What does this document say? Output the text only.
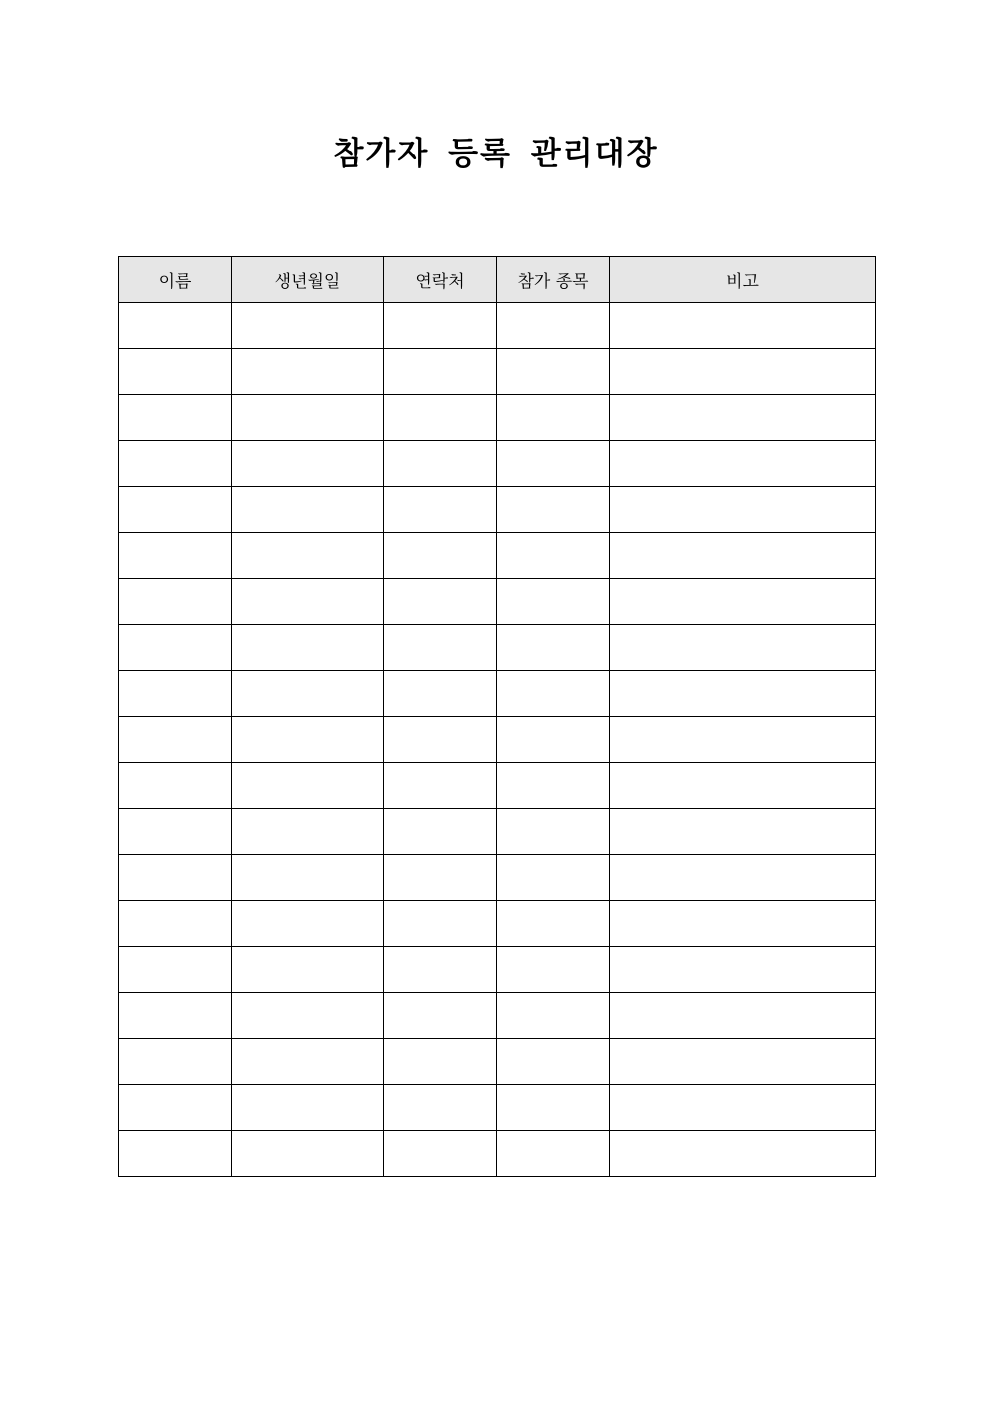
참가자 등록 관리대장
이름	생년월일	연락처	참가 종목	비고
